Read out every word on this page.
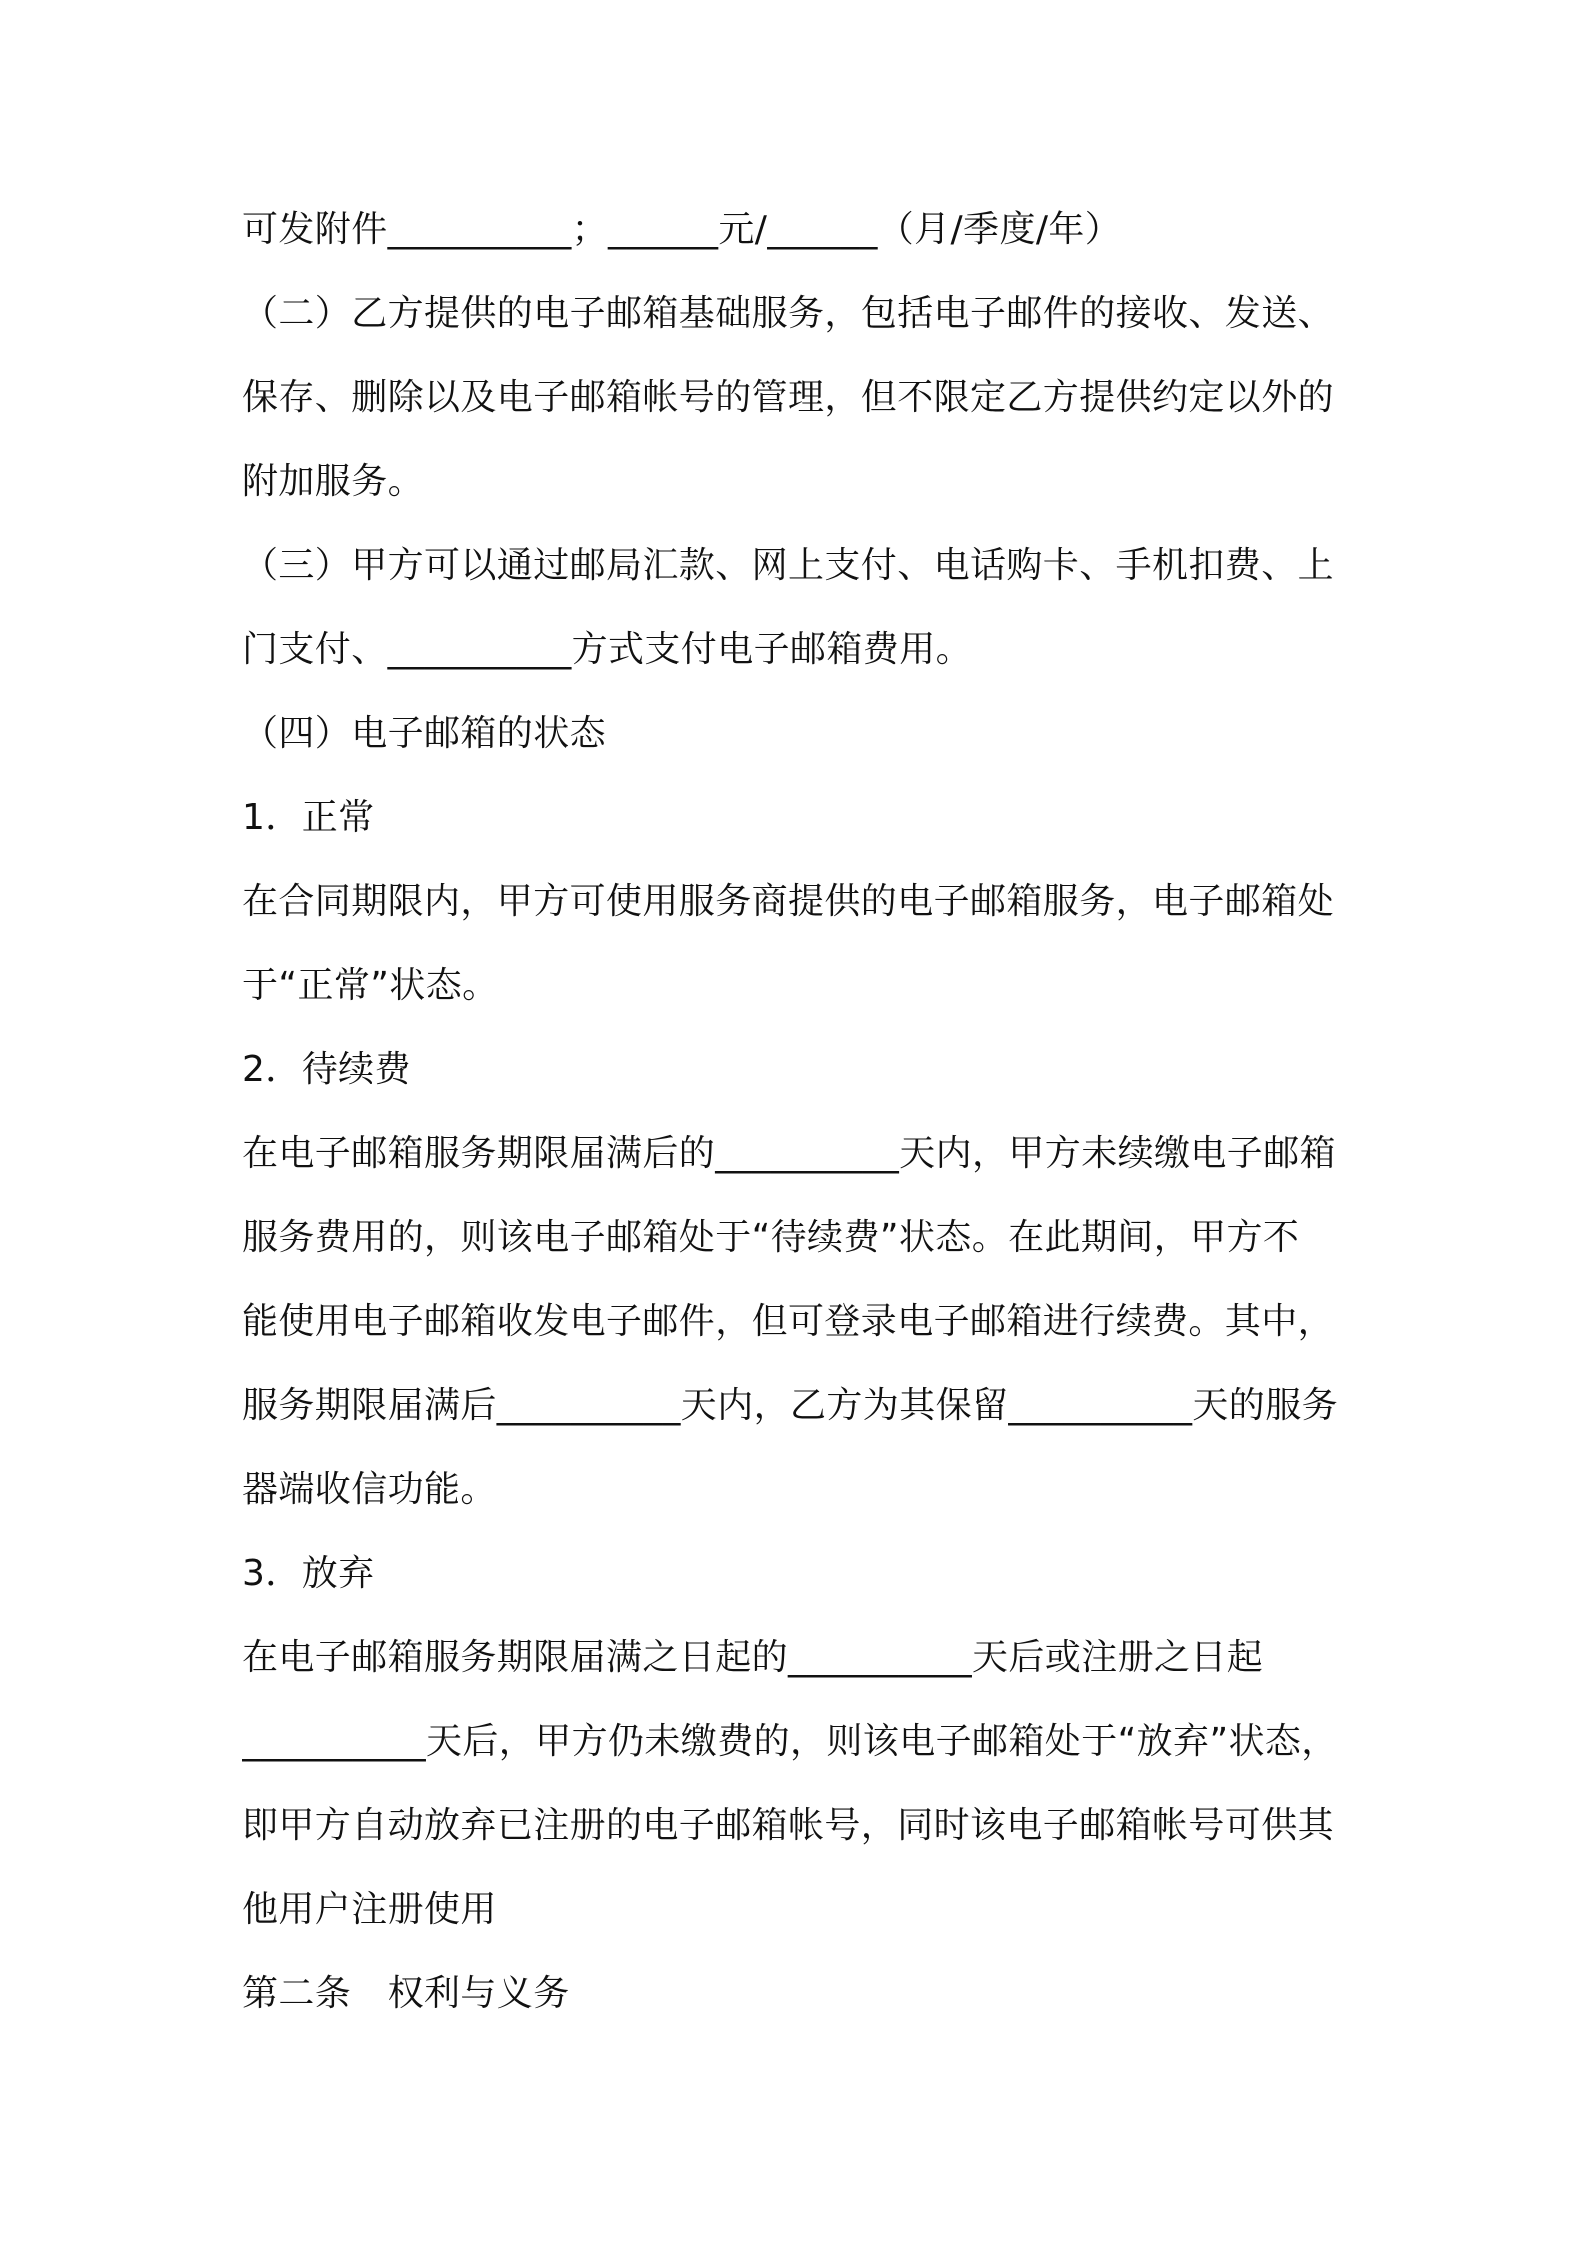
可发附件__________；______元/______（月/季度/年）
（二）乙方提供的电子邮箱基础服务，包括电子邮件的接收、发送、
保存、删除以及电子邮箱帐号的管理，但不限定乙方提供约定以外的
附加服务。
（三）甲方可以通过邮局汇款、网上支付、电话购卡、手机扣费、上
门支付、__________方式支付电子邮箱费用。
（四）电子邮箱的状态
1．正常
在合同期限内，甲方可使用服务商提供的电子邮箱服务，电子邮箱处
于“正常”状态。
2．待续费
在电子邮箱服务期限届满后的__________天内，甲方未续缴电子邮箱
服务费用的，则该电子邮箱处于“待续费”状态。在此期间，甲方不
能使用电子邮箱收发电子邮件，但可登录电子邮箱进行续费。其中，
服务期限届满后__________天内，乙方为其保留__________天的服务
器端收信功能。
3．放弃
在电子邮箱服务期限届满之日起的__________天后或注册之日起
__________天后，甲方仍未缴费的，则该电子邮箱处于“放弃”状态，
即甲方自动放弃已注册的电子邮箱帐号，同时该电子邮箱帐号可供其
他用户注册使用
第二条　权利与义务
